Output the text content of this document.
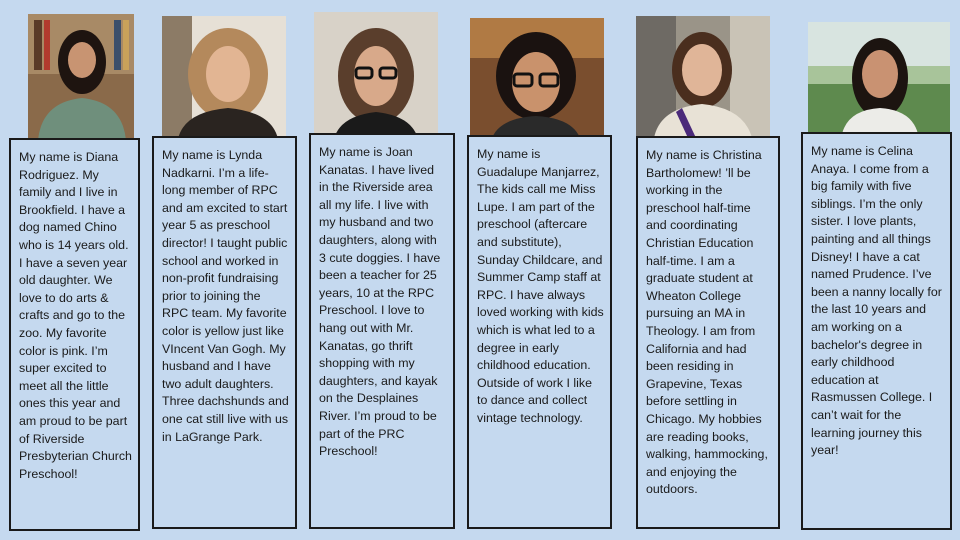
My name is Diana Rodriguez. My family and I live in Brookfield. I have a dog named Chino who is 14 years old. I have a seven year old daughter. We love to do arts & crafts and go to the zoo. My favorite color is pink. I’m super excited to meet all the little ones this year and am proud to be part of Riverside Presbyterian Church Preschool!

My name is Lynda Nadkarni. I’m a life-long member of RPC and am excited to start year 5 as preschool director! I taught public school and worked in non-profit fundraising prior to joining the RPC team. My favorite color is yellow just like VIncent Van Gogh. My husband and I have two adult daughters. Three dachshunds and one cat still live with us in LaGrange Park.

My name is Joan Kanatas. I have lived in the Riverside area all my life. I live with my husband and two daughters, along with 3 cute doggies. I have been a teacher for 25 years, 10 at the RPC Preschool. I love to hang out with Mr. Kanatas, go thrift shopping with my daughters, and kayak on the Desplaines River. I’m proud to be part of the PRC Preschool!

My name is Guadalupe Manjarrez, The kids call me Miss Lupe. I am part of the preschool (aftercare and substitute), Sunday Childcare, and Summer Camp staff at RPC. I have always loved working with kids which is what led to a degree in early childhood education. Outside of work I like to dance and collect vintage technology.

My name is Christina Bartholomew! ’ll be working in the preschool half-time and coordinating Christian Education half-time. I am a graduate student at Wheaton College pursuing an MA in Theology. I am from California and had been residing in Grapevine, Texas before settling in Chicago. My hobbies are reading books, walking, hammocking, and enjoying the outdoors.

My name is Celina Anaya. I come from a big family with five siblings. I’m the only sister. I love plants, painting and all things Disney! I have a cat named Prudence. I’ve been a nanny locally for the last 10 years and am working on a bachelor's degree in early childhood education at Rasmussen College. I can’t wait for the learning journey this year!
